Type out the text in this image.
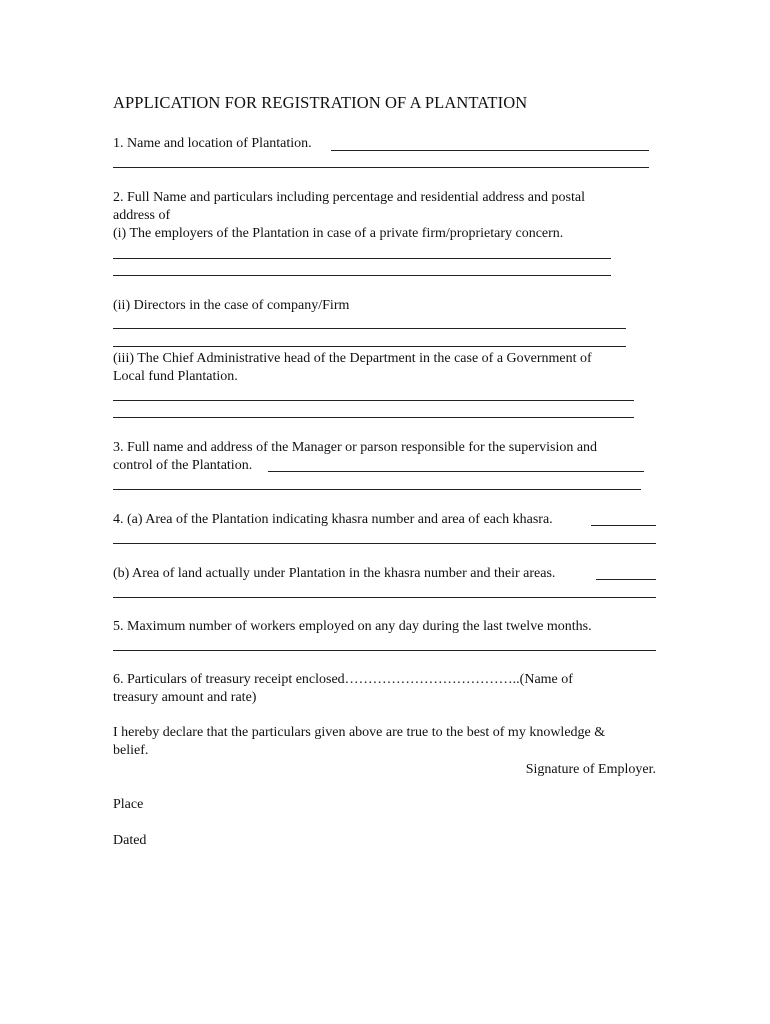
APPLICATION FOR REGISTRATION OF A PLANTATION
1. Name and location of Plantation.
2. Full Name and particulars including percentage and residential address and postal
address of
(i) The employers of the Plantation in case of a private firm/proprietary concern.
(ii) Directors in the case of company/Firm
(iii) The Chief Administrative head of the Department in the case of a Government of
Local fund Plantation.
3. Full name and address of the Manager or parson responsible for the supervision and
control of the Plantation.
4. (a) Area of the Plantation indicating khasra number and area of each khasra.
(b) Area of land actually under Plantation in the khasra number and their areas.
5. Maximum number of workers employed on any day during the last twelve months.
6. Particulars of treasury receipt enclosed………………………………..(Name of
treasury amount and rate)
I hereby declare that the particulars given above are true to the best of my knowledge &
belief.
Signature of Employer.
Place
Dated
